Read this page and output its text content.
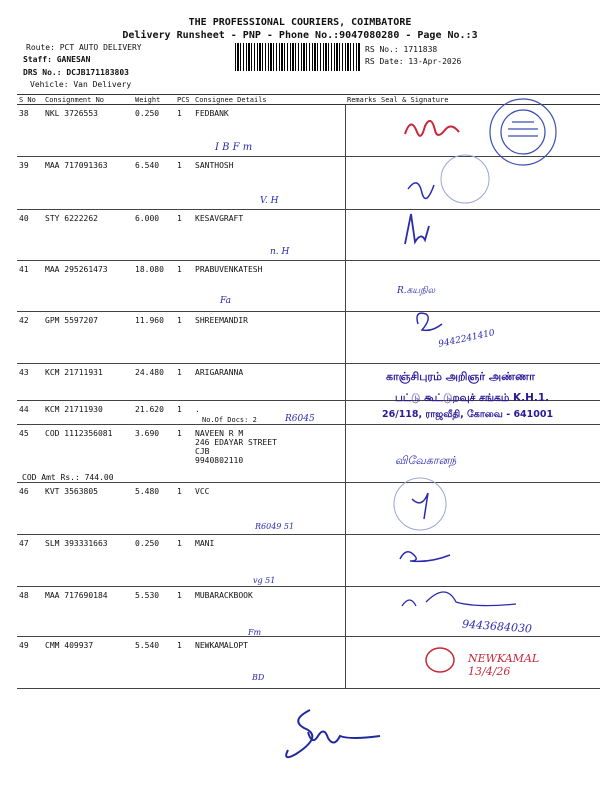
THE PROFESSIONAL COURIERS, COIMBATORE
Delivery Runsheet - PNP - Phone No.:9047080280 - Page No.:3
Route: PCT AUTO DELIVERY
Staff: GANESAN
DRS No.: DCJB171183803
Vehicle: Van Delivery
RS No.: 1711838
RS Date: 13-Apr-2026
S No	Consignment No	Weight	PCS	Consignee Details	Remarks	Seal & Signature
38	NKL 3726553	0.250	1	FEDBANK		
39	MAA 717091363	6.540	1	SANTHOSH		
40	STY 6222262	6.000	1	KESAVGRAFT		
41	MAA 295261473	18.080	1	PRABUVENKATESH		
42	GPM 5597207	11.960	1	SHREEMANDIR		
43	KCM 21711931	24.480	1	ARIGARANNA		
44	KCM 21711930	21.620	1	.		
45	COD 1112356081	3.690	1	NAVEEN R M
246 EDAYAR STREET
CJB
9940802110		

46	KVT 3563805	5.480	1	VCC		
47	SLM 393331663	0.250	1	MANI		
48	MAA 717690184	5.530	1	MUBARACKBOOK		
49	CMM 409937	5.540	1	NEWKAMALOPT		
No.Of Docs: 2
COD Amt Rs.: 744.00
I B F m
V. H
n. H
Fa
R.கயநில
9442241410
R6045
விவேகானந்
R6049 51
vg 51
Fm	9443684030
BD
NEWKAMAL 13/4/26
காஞ்சிபுரம் அறிஞர் அண்ணா
பட்டு கூட்டுறவுச் சங்கம் K.H.1.
26/118, ராஜவீதி, கோவை - 641001
